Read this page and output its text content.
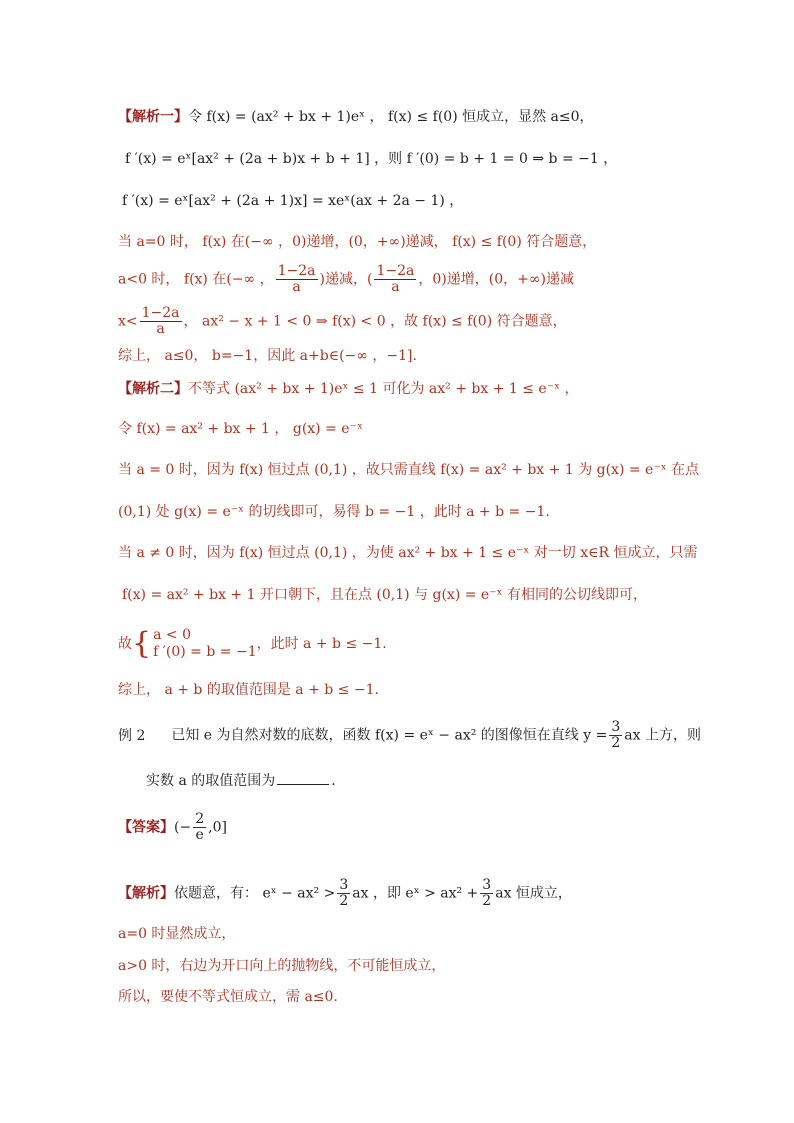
【解析一】令 f(x) = (ax² + bx + 1)eˣ ， f(x) ≤ f(0) 恒成立，显然 a≤0，
f ′(x) = eˣ[ax² + (2a + b)x + b + 1] ，则 f ′(0) = b + 1 = 0 ⇒ b = −1 ，
f ′(x) = eˣ[ax² + (2a + 1)x] = xeˣ(ax + 2a − 1) ，
当 a=0 时， f(x) 在(−∞ ，0)递增，(0，+∞)递减， f(x) ≤ f(0) 符合题意，
a<0 时， f(x) 在(−∞ ， $\frac{1-2a}{a}$ )递减，( $\frac{1-2a}{a}$ ，0)递增，(0，+∞)递减
$x< \frac{1-2a}{a}$ ， ax² − x + 1 < 0 ⇒ f(x) < 0 ，故 f(x) ≤ f(0) 符合题意，
综上， a≤0， b=−1，因此 a+b∈(−∞ ，−1].
【解析二】不等式 (ax² + bx + 1)eˣ ≤ 1 可化为 ax² + bx + 1 ≤ e⁻ˣ ，
令 f(x) = ax² + bx + 1 ， g(x) = e⁻ˣ
当 a = 0 时，因为 f(x) 恒过点 (0,1) ，故只需直线 f(x) = ax² + bx + 1 为 g(x) = e⁻ˣ 在点
(0,1) 处 g(x) = e⁻ˣ 的切线即可，易得 b = −1 ，此时 a + b = −1.
当 a ≠ 0 时，因为 f(x) 恒过点 (0,1) ，为使 ax² + bx + 1 ≤ e⁻ˣ 对一切 x∈R 恒成立，只需
f(x) = ax² + bx + 1 开口朝下，且在点 (0,1) 与 g(x) = e⁻ˣ 有相同的公切线即可，
故{ a < 0
f ′(0) = b = −1 ，此时 a + b ≤ −1.
综上， a + b 的取值范围是 a + b ≤ −1.
例 2 已知 e 为自然对数的底数，函数 f(x) = eˣ − ax² 的图像恒在直线 $y = \frac{3}{2}$ ax 上方，则
实数 a 的取值范围为	.
【答案】(− $\frac{2}{e} ,0$]
【解析】依题意，有： eˣ − $ax^2 > \frac{3}{2}$ ax ，即 eˣ > $ax^2 + \frac{3}{2}$ ax 恒成立，
a=0 时显然成立，
a>0 时，右边为开口向上的抛物线，不可能恒成立，
所以，要使不等式恒成立，需 a≤0.
